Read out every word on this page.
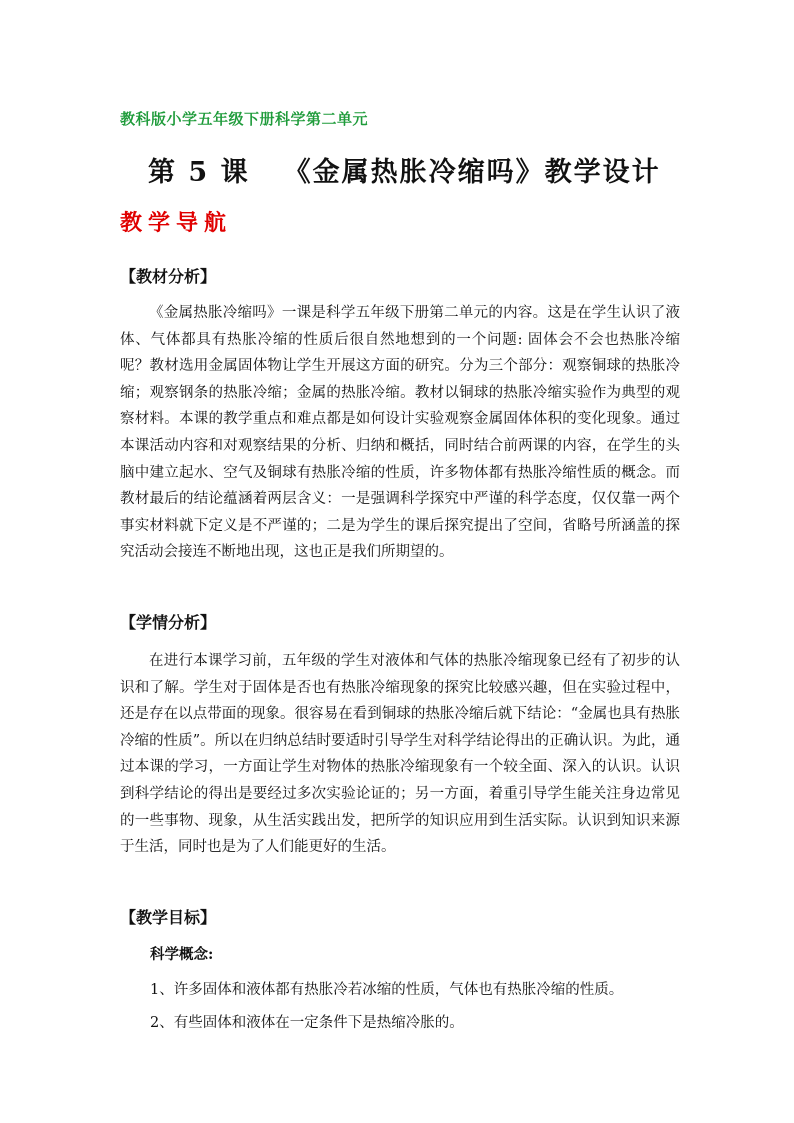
教科版小学五年级下册科学第二单元
第 5 课 《金属热胀冷缩吗》教学设计
教学导航
【教材分析】
《金属热胀冷缩吗》一课是科学五年级下册第二单元的内容。这是在学生认识了液体、气体都具有热胀冷缩的性质后很自然地想到的一个问题: 固体会不会也热胀冷缩呢？教材选用金属固体物让学生开展这方面的研究。分为三个部分：观察铜球的热胀冷缩；观察钢条的热胀冷缩；金属的热胀冷缩。教材以铜球的热胀冷缩实验作为典型的观察材料。本课的教学重点和难点都是如何设计实验观察金属固体体积的变化现象。通过本课活动内容和对观察结果的分析、归纳和概括，同时结合前两课的内容，在学生的头脑中建立起水、空气及铜球有热胀冷缩的性质，许多物体都有热胀冷缩性质的概念。而教材最后的结论蕴涵着两层含义：一是强调科学探究中严谨的科学态度，仅仅靠一两个事实材料就下定义是不严谨的；二是为学生的课后探究提出了空间，省略号所涵盖的探究活动会接连不断地出现，这也正是我们所期望的。
【学情分析】
在进行本课学习前，五年级的学生对液体和气体的热胀冷缩现象已经有了初步的认识和了解。学生对于固体是否也有热胀冷缩现象的探究比较感兴趣，但在实验过程中，还是存在以点带面的现象。很容易在看到铜球的热胀冷缩后就下结论：“金属也具有热胀冷缩的性质”。所以在归纳总结时要适时引导学生对科学结论得出的正确认识。为此，通过本课的学习，一方面让学生对物体的热胀冷缩现象有一个较全面、深入的认识。认识到科学结论的得出是要经过多次实验论证的；另一方面，着重引导学生能关注身边常见的一些事物、现象，从生活实践出发，把所学的知识应用到生活实际。认识到知识来源于生活，同时也是为了人们能更好的生活。
【教学目标】
科学概念:
1、许多固体和液体都有热胀冷若冰缩的性质，气体也有热胀冷缩的性质。
2、有些固体和液体在一定条件下是热缩冷胀的。
